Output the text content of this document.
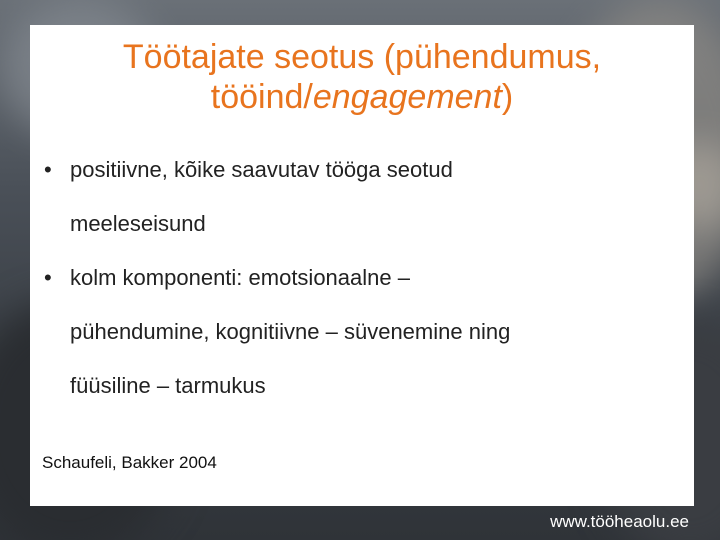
Töötajate seotus (pühendumus,
tööind/engagement)
• positiivne, kõike saavutav tööga seotud
meeleseisund
• kolm komponenti: emotsionaalne –
pühendumine, kognitiivne – süvenemine ning
füüsiline – tarmukus
Schaufeli, Bakker 2004
www.tööheaolu.ee
